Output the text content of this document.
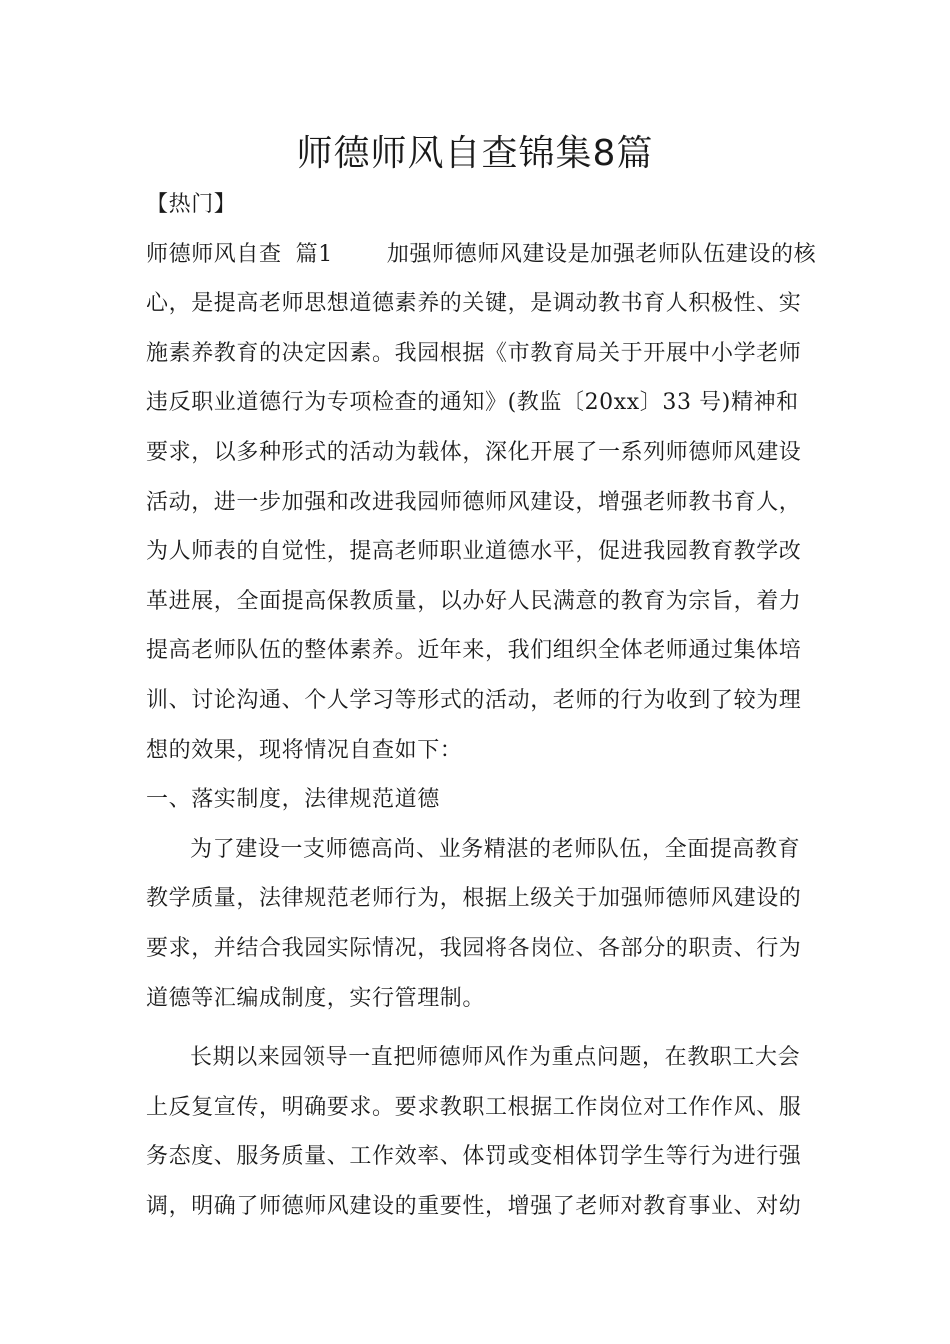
师德师风自查锦集8篇

【热门】

师德师风自查 篇1 加强师德师风建设是加强老师队伍建设的核心，是提高老师思想道德素养的关键，是调动教书育人积极性、实施素养教育的决定因素。我园根据《市教育局关于开展中小学老师违反职业道德行为专项检查的通知》(教监〔20xx〕33 号)精神和要求，以多种形式的活动为载体，深化开展了一系列师德师风建设活动，进一步加强和改进我园师德师风建设，增强老师教书育人，为人师表的自觉性，提高老师职业道德水平，促进我园教育教学改革进展，全面提高保教质量，以办好人民满意的教育为宗旨，着力提高老师队伍的整体素养。近年来，我们组织全体老师通过集体培训、讨论沟通、个人学习等形式的活动，老师的行为收到了较为理想的效果，现将情况自查如下：

一、落实制度，法律规范道德

为了建设一支师德高尚、业务精湛的老师队伍，全面提高教育教学质量，法律规范老师行为，根据上级关于加强师德师风建设的要求，并结合我园实际情况，我园将各岗位、各部分的职责、行为道德等汇编成制度，实行管理制。

长期以来园领导一直把师德师风作为重点问题，在教职工大会上反复宣传，明确要求。要求教职工根据工作岗位对工作作风、服务态度、服务质量、工作效率、体罚或变相体罚学生等行为进行强调，明确了师德师风建设的重要性，增强了老师对教育事业、对幼
